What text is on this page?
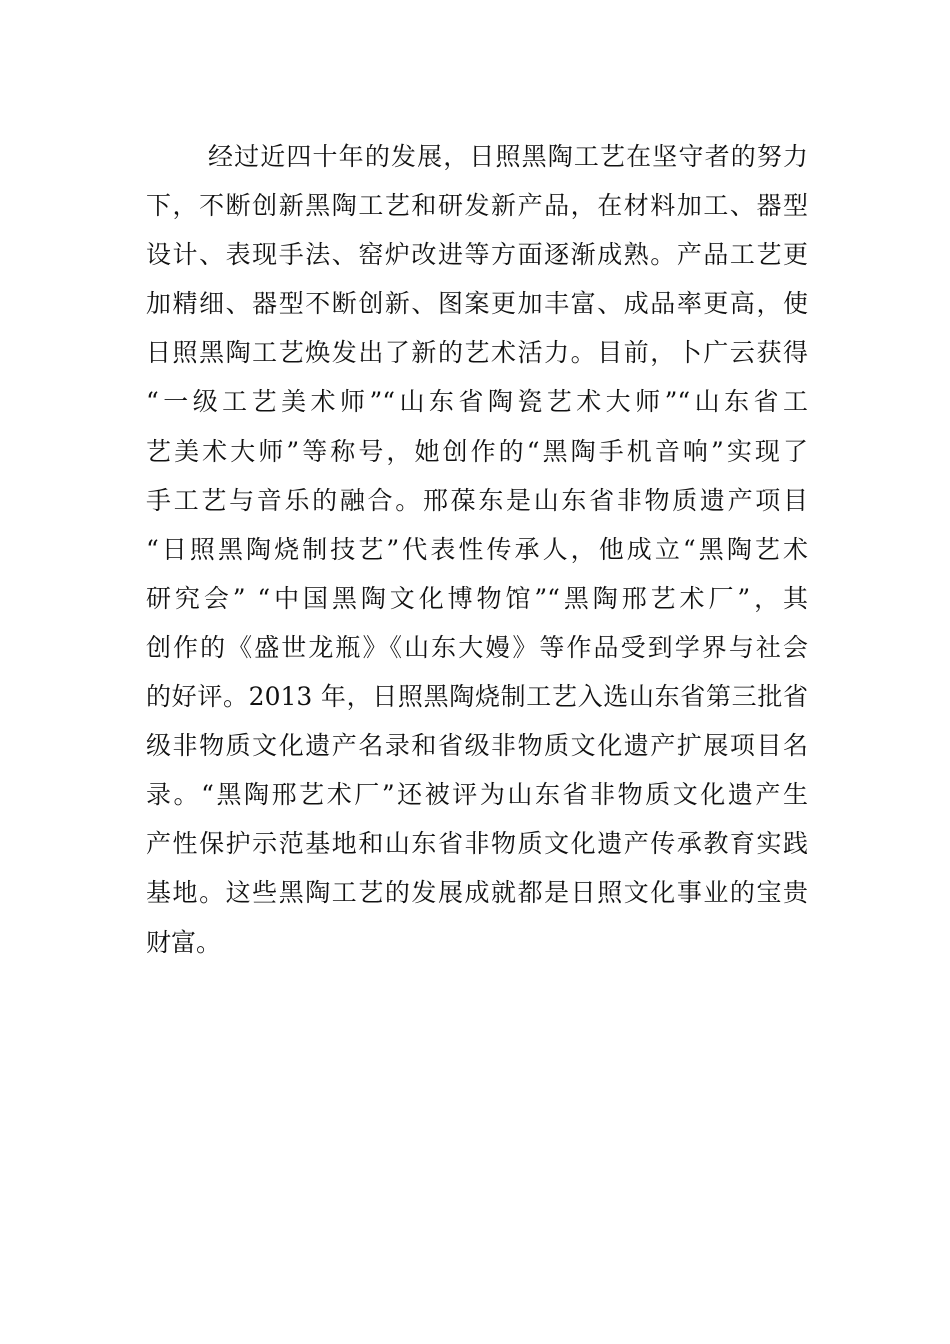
经过近四十年的发展，日照黑陶工艺在坚守者的努力
下，不断创新黑陶工艺和研发新产品，在材料加工、器型
设计、表现手法、窑炉改进等方面逐渐成熟。产品工艺更
加精细、器型不断创新、图案更加丰富、成品率更高，使
日照黑陶工艺焕发出了新的艺术活力。目前，卜广云获得
“一级工艺美术师”“山东省陶瓷艺术大师”“山东省工
艺美术大师”等称号，她创作的“黑陶手机音响”实现了
手工艺与音乐的融合。邢葆东是山东省非物质遗产项目
“日照黑陶烧制技艺”代表性传承人，他成立“黑陶艺术
研究会” “中国黑陶文化博物馆”“黑陶邢艺术厂”，其
创作的《盛世龙瓶》《山东大嫚》等作品受到学界与社会
的好评。2013 年，日照黑陶烧制工艺入选山东省第三批省
级非物质文化遗产名录和省级非物质文化遗产扩展项目名
录。“黑陶邢艺术厂”还被评为山东省非物质文化遗产生
产性保护示范基地和山东省非物质文化遗产传承教育实践
基地。这些黑陶工艺的发展成就都是日照文化事业的宝贵
财富。
